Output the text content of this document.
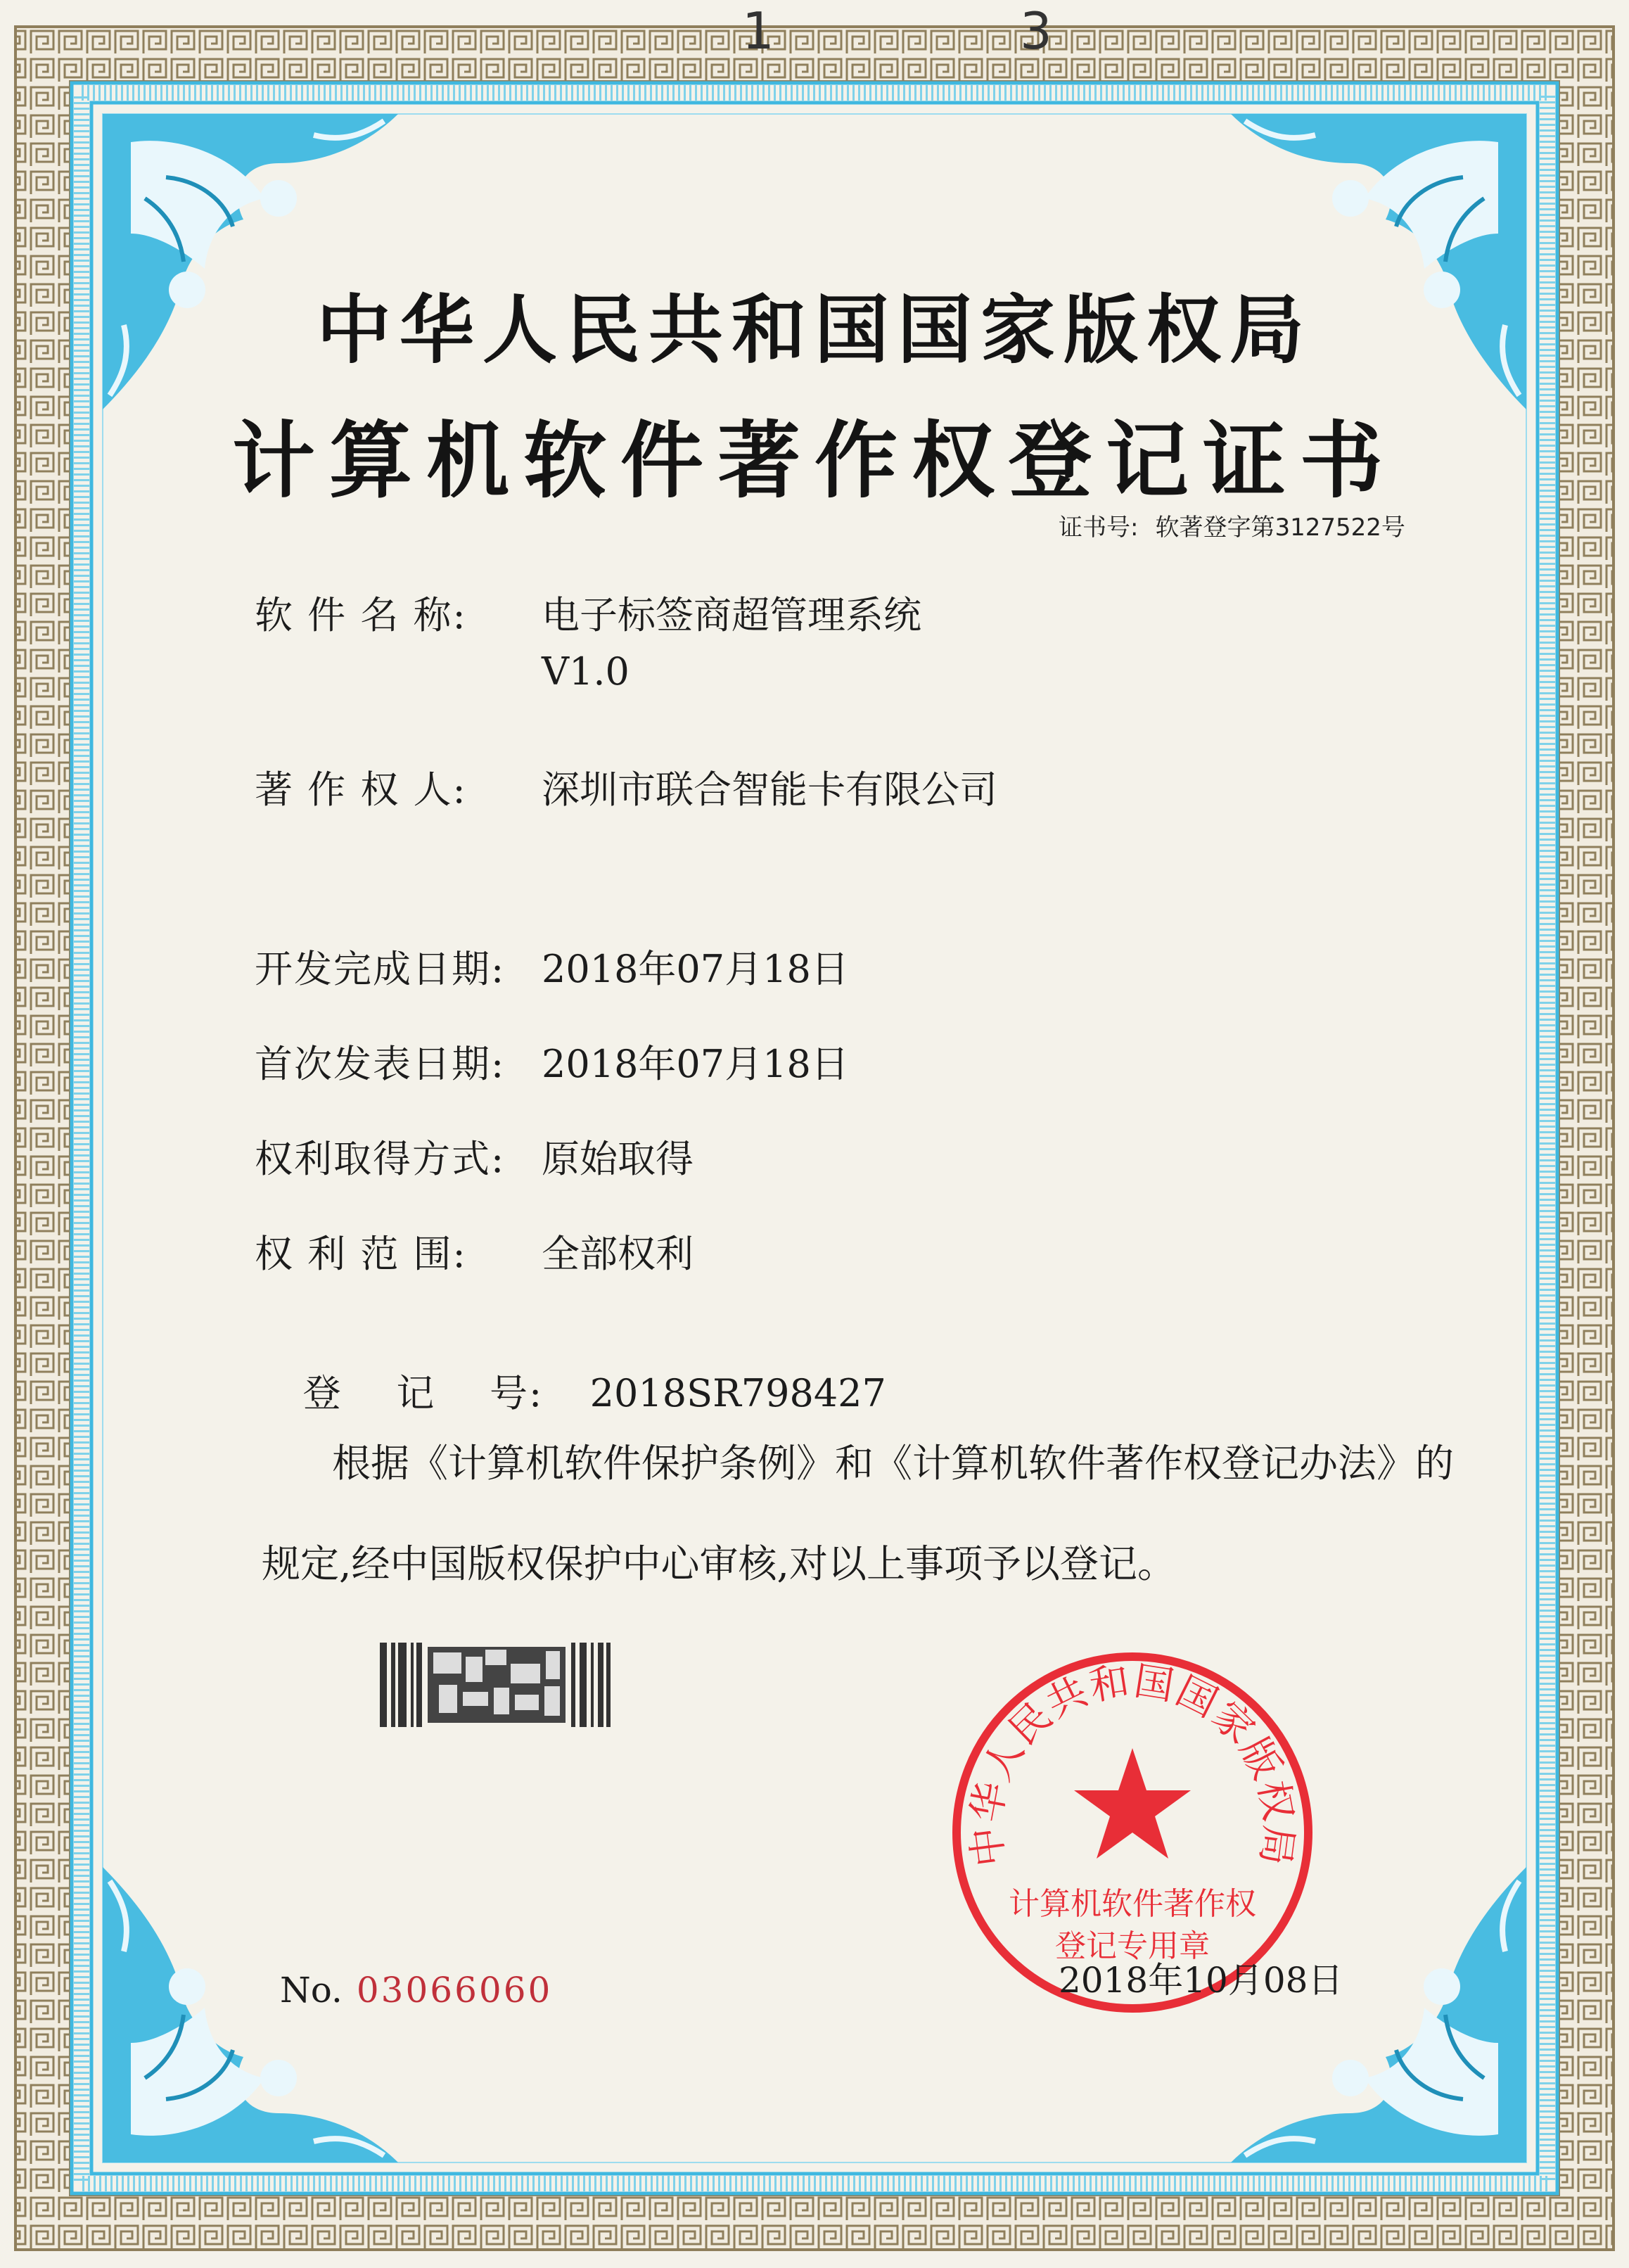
1	3
中华人民共和国国家版权局
计算机软件著作权登记证书
证书号: 软著登字第3127522号
软 件 名 称: 电子标签商超管理系统
V1.0
著 作 权 人: 深圳市联合智能卡有限公司
开发完成日期: 2018年07月18日
首次发表日期: 2018年07月18日
权利取得方式: 原始取得
权 利 范 围: 全部权利

登    记    号: 2018SR798427

根据《计算机软件保护条例》和《计算机软件著作权登记办法》的
规定,经中国版权保护中心审核,对以上事项予以登记。
No. 03066060
中华人民共和国国家版权局
计算机软件著作权
登记专用章
2018年10月08日
